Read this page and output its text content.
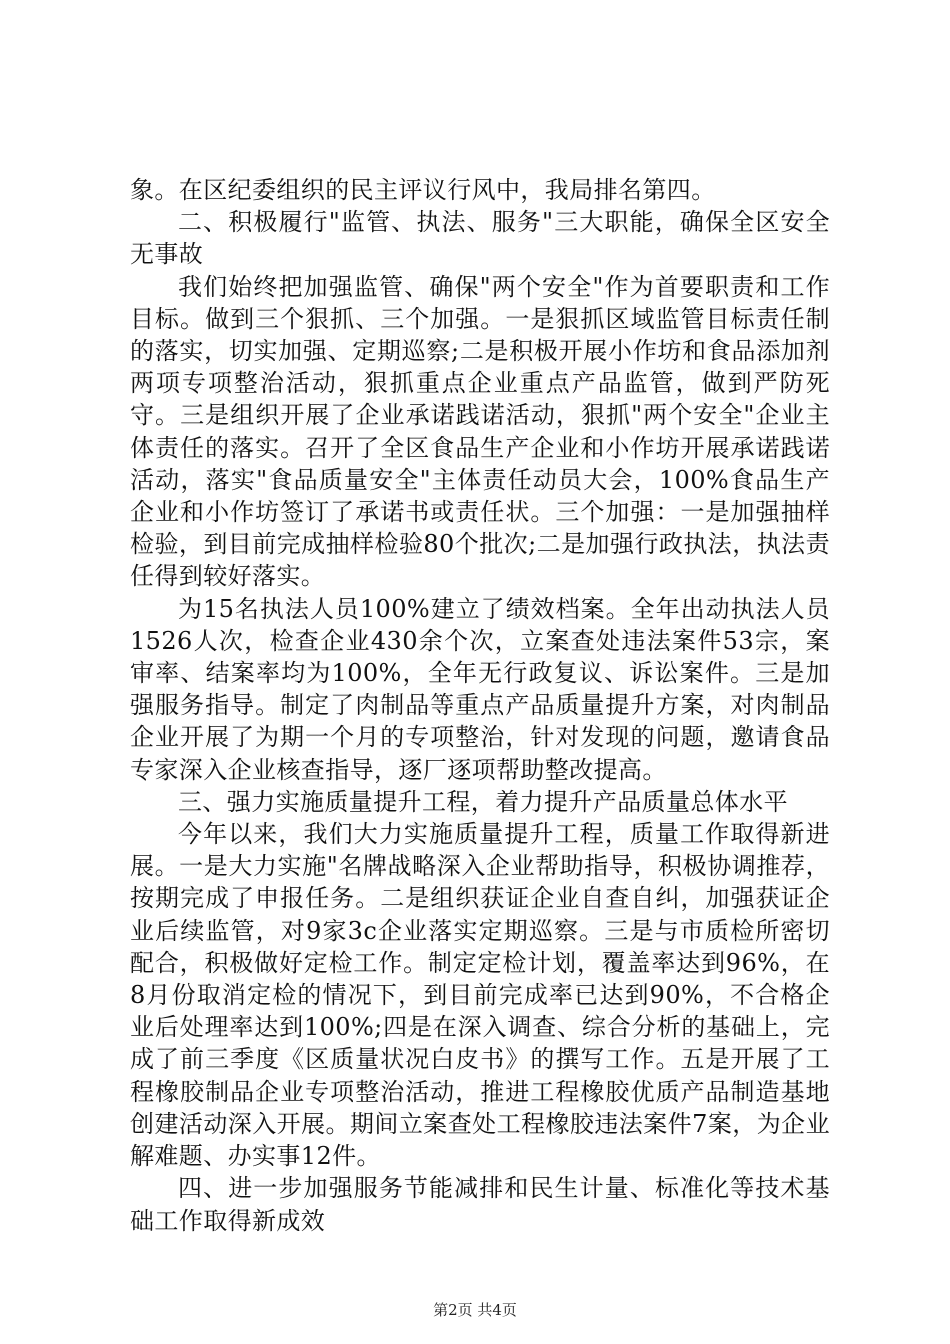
象。在区纪委组织的民主评议行风中，我局排名第四。

二、积极履行"监管、执法、服务"三大职能，确保全区安全无事故

我们始终把加强监管、确保"两个安全"作为首要职责和工作目标。做到三个狠抓、三个加强。一是狠抓区域监管目标责任制的落实，切实加强、定期巡察;二是积极开展小作坊和食品添加剂两项专项整治活动，狠抓重点企业重点产品监管，做到严防死守。三是组织开展了企业承诺践诺活动，狠抓"两个安全"企业主体责任的落实。召开了全区食品生产企业和小作坊开展承诺践诺活动，落实"食品质量安全"主体责任动员大会，100%食品生产企业和小作坊签订了承诺书或责任状。三个加强：一是加强抽样检验，到目前完成抽样检验80个批次;二是加强行政执法，执法责任得到较好落实。

为15名执法人员100%建立了绩效档案。全年出动执法人员1526人次，检查企业430余个次，立案查处违法案件53宗，案审率、结案率均为100%，全年无行政复议、诉讼案件。三是加强服务指导。制定了肉制品等重点产品质量提升方案，对肉制品企业开展了为期一个月的专项整治，针对发现的问题，邀请食品专家深入企业核查指导，逐厂逐项帮助整改提高。

三、强力实施质量提升工程，着力提升产品质量总体水平

今年以来，我们大力实施质量提升工程，质量工作取得新进展。一是大力实施"名牌战略深入企业帮助指导，积极协调推荐，按期完成了申报任务。二是组织获证企业自查自纠，加强获证企业后续监管，对9家3c企业落实定期巡察。三是与市质检所密切配合，积极做好定检工作。制定定检计划，覆盖率达到96%，在8月份取消定检的情况下，到目前完成率已达到90%，不合格企业后处理率达到100%;四是在深入调查、综合分析的基础上，完成了前三季度《区质量状况白皮书》的撰写工作。五是开展了工程橡胶制品企业专项整治活动，推进工程橡胶优质产品制造基地创建活动深入开展。期间立案查处工程橡胶违法案件7案，为企业解难题、办实事12件。

四、进一步加强服务节能减排和民生计量、标准化等技术基础工作取得新成效

第2页 共4页
